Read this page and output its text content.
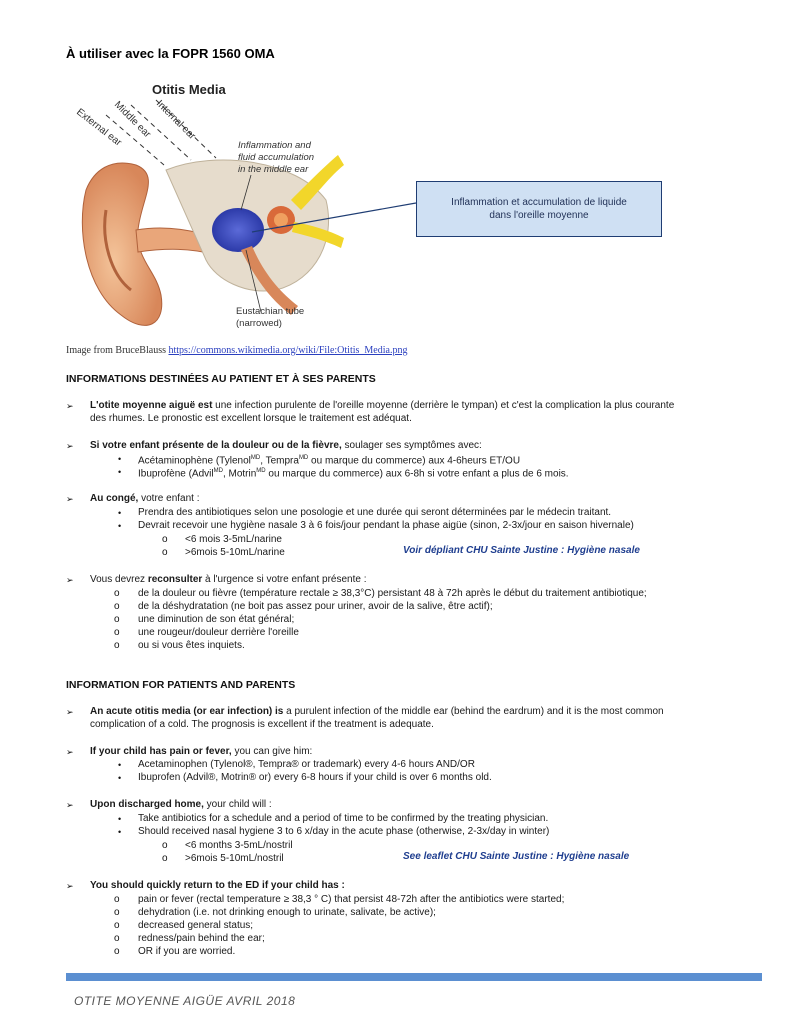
À utiliser avec la FOPR 1560 OMA
External ear
Middle ear Internal ear
Inflammation and
fluid accumulation
in the middle ear
Eustachian tube
(narrowed)
Otitis Media
Inflammation et accumulation de liquide
dans l'oreille moyenne
Image from BruceBlauss https://commons.wikimedia.org/wiki/File:Otitis_Media.png
INFORMATIONS DESTINÉES AU PATIENT ET À SES PARENTS
➢ L'otite moyenne aiguë est une infection purulente de l'oreille moyenne (derrière le tympan) et c'est la complication la plus courante
des rhumes. Le pronostic est excellent lorsque le traitement est adéquat.
➢ Si votre enfant présente de la douleur ou de la fièvre, soulager ses symptômes avec:
• Acétaminophène (Tylenol$^{MD}$, Tempra$^{MD}$ ou marque du commerce) aux 4-6heurs ET/OU
• Ibuprofène (Advil$^{MD}$, Motrin$^{MD}$ ou marque du commerce) aux 6-8h si votre enfant a plus de 6 mois.
➢ Au congé, votre enfant :
• Prendra des antibiotiques selon une posologie et une durée qui seront déterminées par le médecin traitant.
• Devrait recevoir une hygiène nasale 3 à 6 fois/jour pendant la phase aigüe (sinon, 2-3x/jour en saison hivernale)
o <6 mois 3-5mL/narine
o >6mois 5-10mL/narine	Voir dépliant CHU Sainte Justine : Hygiène nasale
➢ Vous devrez reconsulter à l'urgence si votre enfant présente :
o de la douleur ou fièvre (température rectale ≥ 38,3°C) persistant 48 à 72h après le début du traitement antibiotique;
o de la déshydratation (ne boit pas assez pour uriner, avoir de la salive, être actif);
o une diminution de son état général;
o une rougeur/douleur derrière l'oreille
o ou si vous êtes inquiets.
INFORMATION FOR PATIENTS AND PARENTS
➢ An acute otitis media (or ear infection) is a purulent infection of the middle ear (behind the eardrum) and it is the most common
complication of a cold. The prognosis is excellent if the treatment is adequate.
➢ If your child has pain or fever, you can give him:
• Acetaminophen (Tylenol®, Tempra® or trademark) every 4-6 hours AND/OR
• Ibuprofen (Advil®, Motrin® or) every 6-8 hours if your child is over 6 months old.
➢ Upon discharged home, your child will :
• Take antibiotics for a schedule and a period of time to be confirmed by the treating physician.
• Should received nasal hygiene 3 to 6 x/day in the acute phase (otherwise, 2-3x/day in winter)
o <6 months 3-5mL/nostril
o >6mois 5-10mL/nostril	See leaflet CHU Sainte Justine : Hygiène nasale
➢ You should quickly return to the ED if your child has :
o pain or fever (rectal temperature ≥ 38,3 ° C) that persist 48-72h after the antibiotics were started;
o dehydration (i.e. not drinking enough to urinate, salivate, be active);
o decreased general status;
o redness/pain behind the ear;
o OR if you are worried.
OTITE MOYENNE AIGÜE AVRIL 2018
